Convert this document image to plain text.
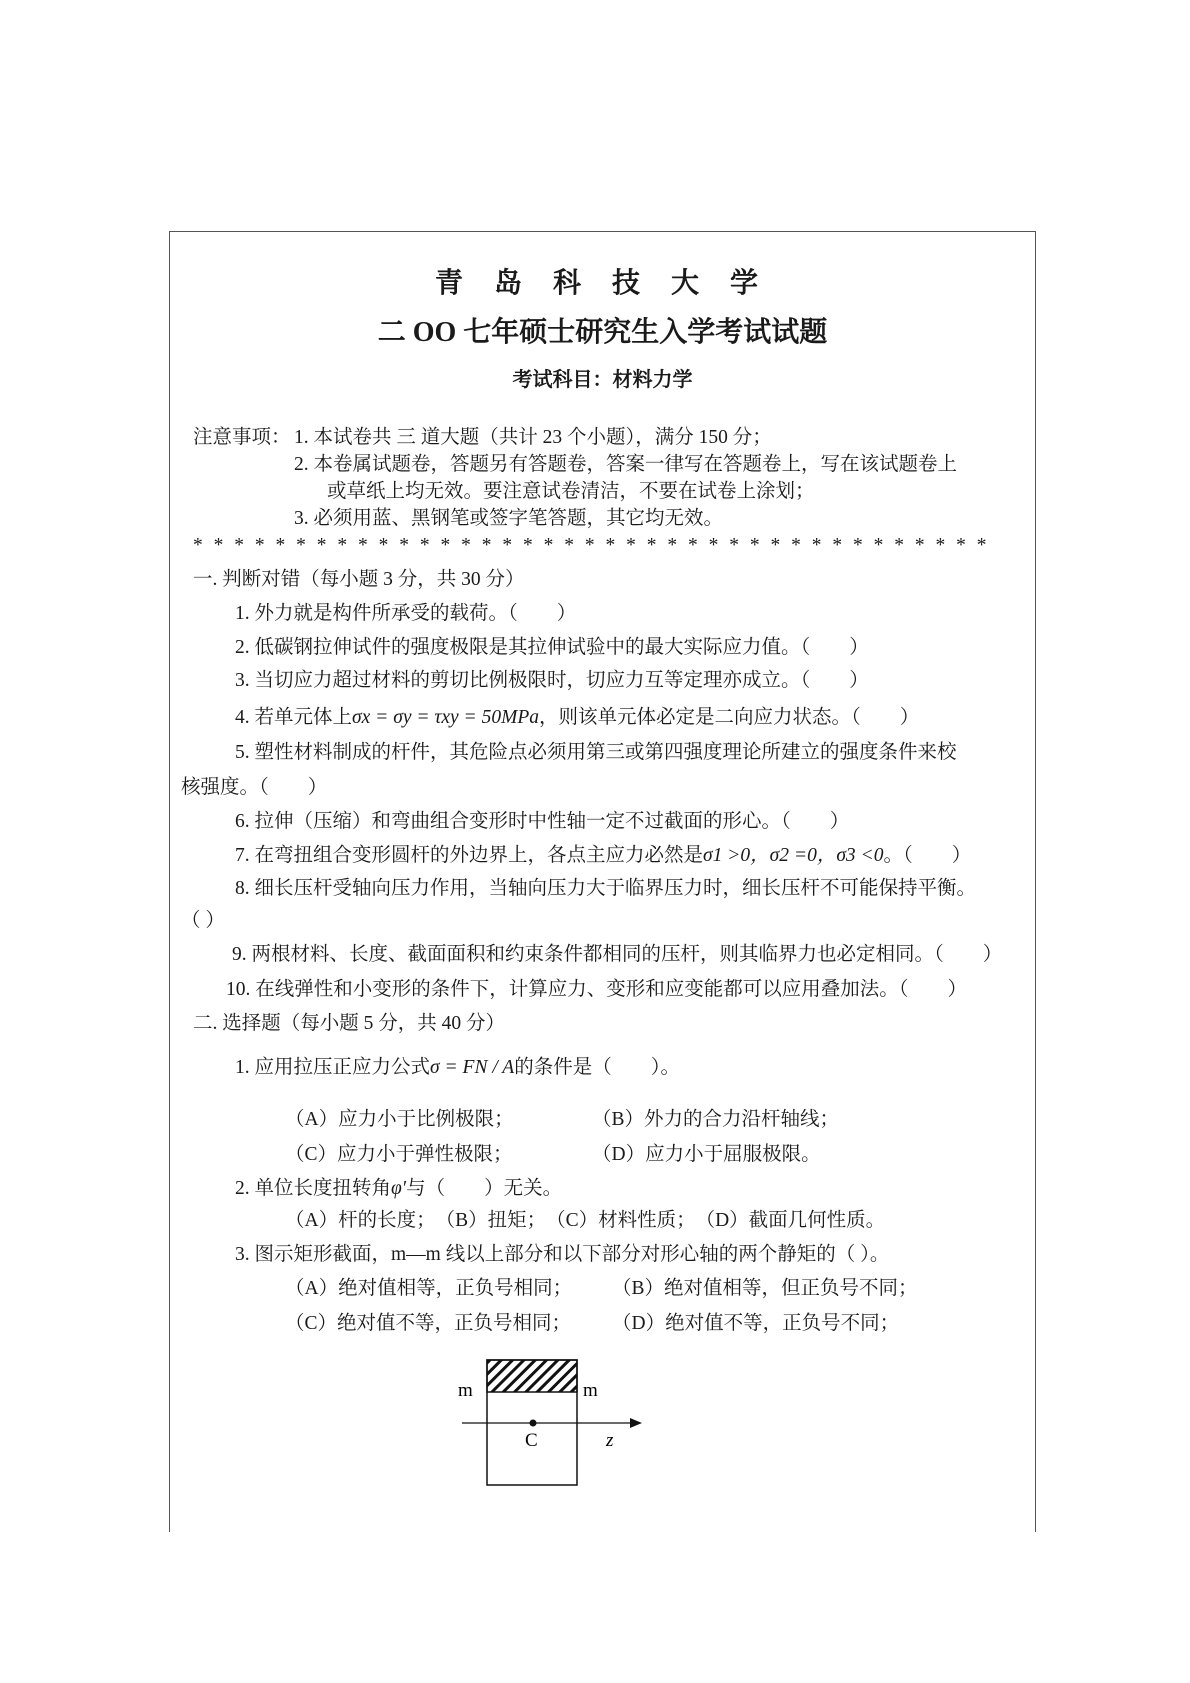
青 岛 科 技 大 学
二 OO 七年硕士研究生入学考试试题
考试科目：材料力学
注意事项： 1. 本试卷共 三 道大题（共计 23 个小题），满分 150 分；
2. 本卷属试题卷，答题另有答题卷，答案一律写在答题卷上，写在该试题卷上
或草纸上均无效。要注意试卷清洁，不要在试卷上涂划；
3. 必须用蓝、黑钢笔或签字笔答题，其它均无效。
* * * * * * * * * * * * * * * * * * * * * * * * * * * * * * * * * * * * * * *
一. 判断对错（每小题 3 分，共 30 分）
1. 外力就是构件所承受的载荷。（　　）
2. 低碳钢拉伸试件的强度极限是其拉伸试验中的最大实际应力值。（　　）
3. 当切应力超过材料的剪切比例极限时，切应力互等定理亦成立。（　　）
4. 若单元体上σx = σy = τxy = 50MPa，则该单元体必定是二向应力状态。（　　）
5. 塑性材料制成的杆件，其危险点必须用第三或第四强度理论所建立的强度条件来校
核强度。（　　）
6. 拉伸（压缩）和弯曲组合变形时中性轴一定不过截面的形心。（　　）
7. 在弯扭组合变形圆杆的外边界上，各点主应力必然是σ1 >0，σ2 =0，σ3 <0。（　　）
8. 细长压杆受轴向压力作用，当轴向压力大于临界压力时，细长压杆不可能保持平衡。
（ ）
9. 两根材料、长度、截面面积和约束条件都相同的压杆，则其临界力也必定相同。（　　）
10. 在线弹性和小变形的条件下，计算应力、变形和应变能都可以应用叠加法。（　　）
二. 选择题（每小题 5 分，共 40 分）
1. 应用拉压正应力公式σ = FN / A的条件是（　　）。
（A）应力小于比例极限；	（B）外力的合力沿杆轴线；
（C）应力小于弹性极限；	（D）应力小于屈服极限。
2. 单位长度扭转角φ′与（　　）无关。
（A）杆的长度；　（B）扭矩；　（C）材料性质；　（D）截面几何性质。
3. 图示矩形截面，m—m 线以上部分和以下部分对形心轴的两个静矩的（ ）。
（A）绝对值相等，正负号相同； （B）绝对值相等，但正负号不同；
（C）绝对值不等，正负号相同； （D）绝对值不等，正负号不同；
m	m
C	z
